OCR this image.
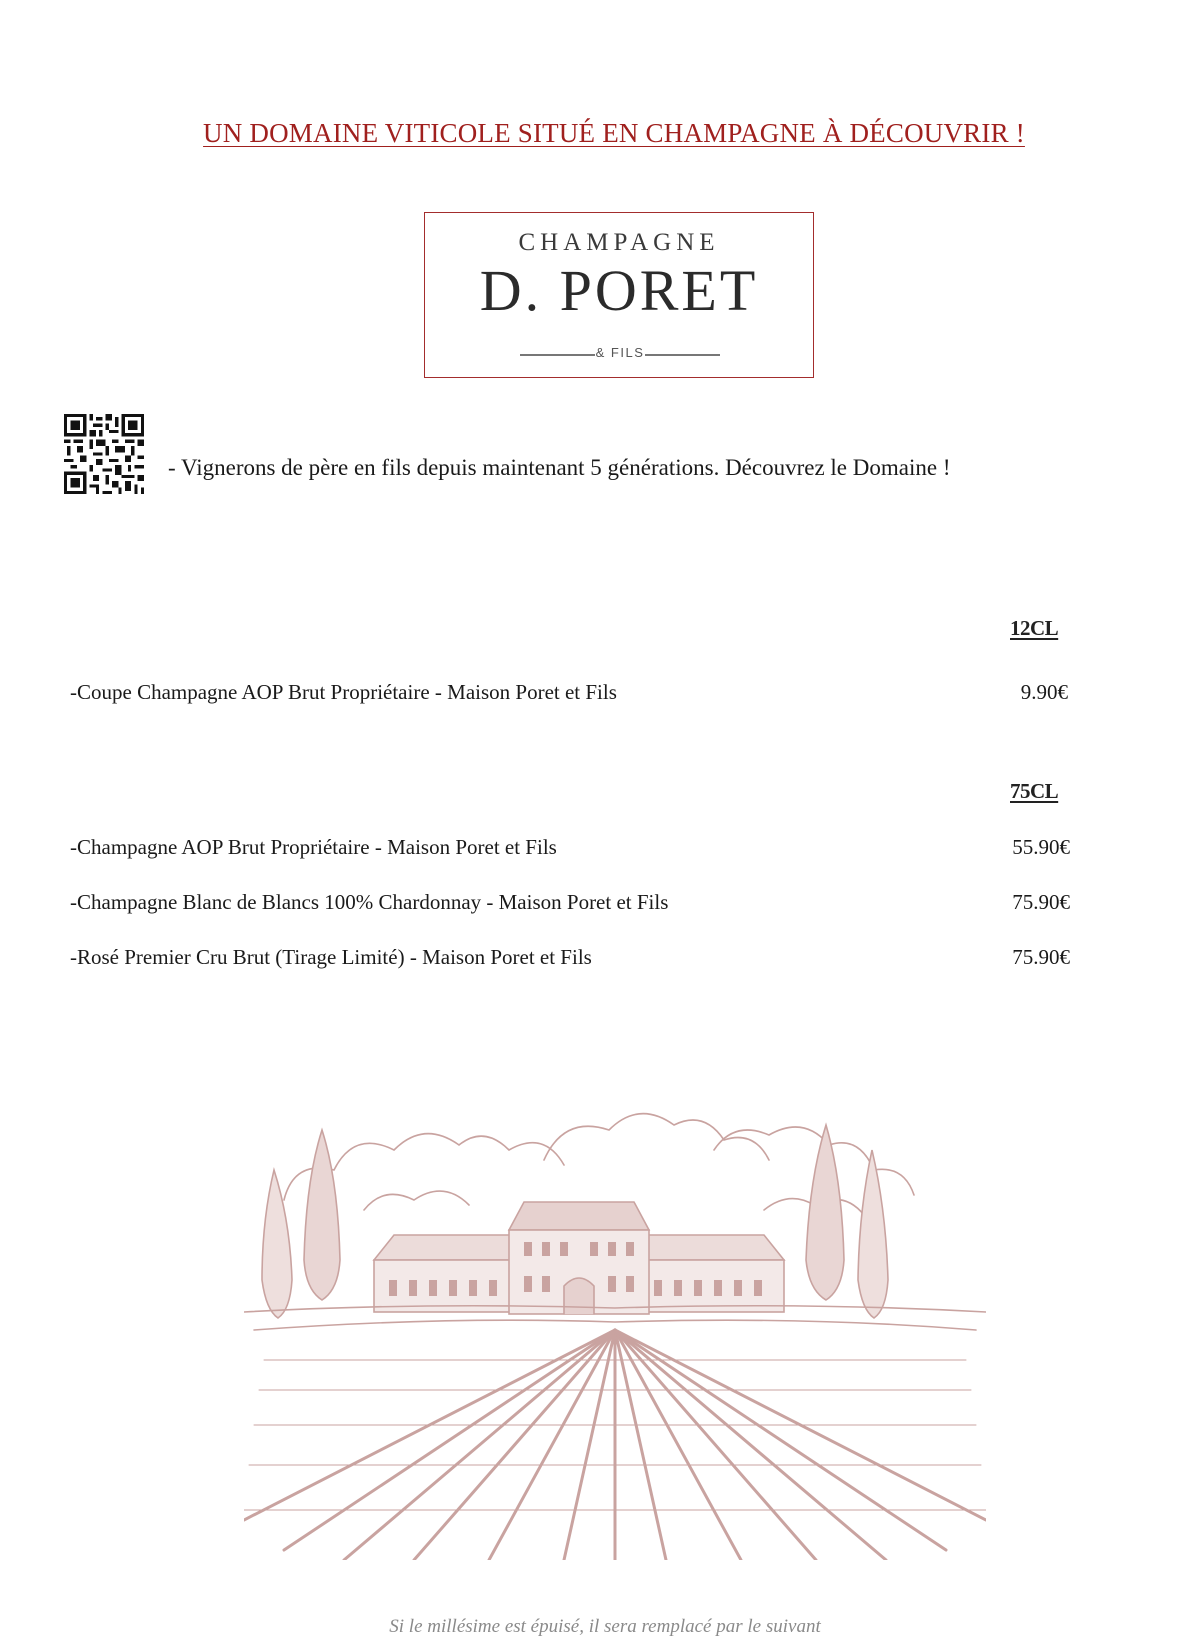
UN DOMAINE VITICOLE SITUÉ EN CHAMPAGNE À DÉCOUVRIR !
CHAMPAGNE
D. PORET
& FILS
- Vignerons de père en fils depuis maintenant 5 générations. Découvrez le Domaine !
12CL
-Coupe Champagne AOP Brut Propriétaire - Maison Poret et Fils	9.90€
75CL
-Champagne AOP Brut Propriétaire - Maison Poret et Fils	55.90€
-Champagne Blanc de Blancs 100% Chardonnay - Maison Poret et Fils	75.90€
-Rosé Premier Cru Brut (Tirage Limité) - Maison Poret et Fils	75.90€
Si le millésime est épuisé, il sera remplacé par le suivant
